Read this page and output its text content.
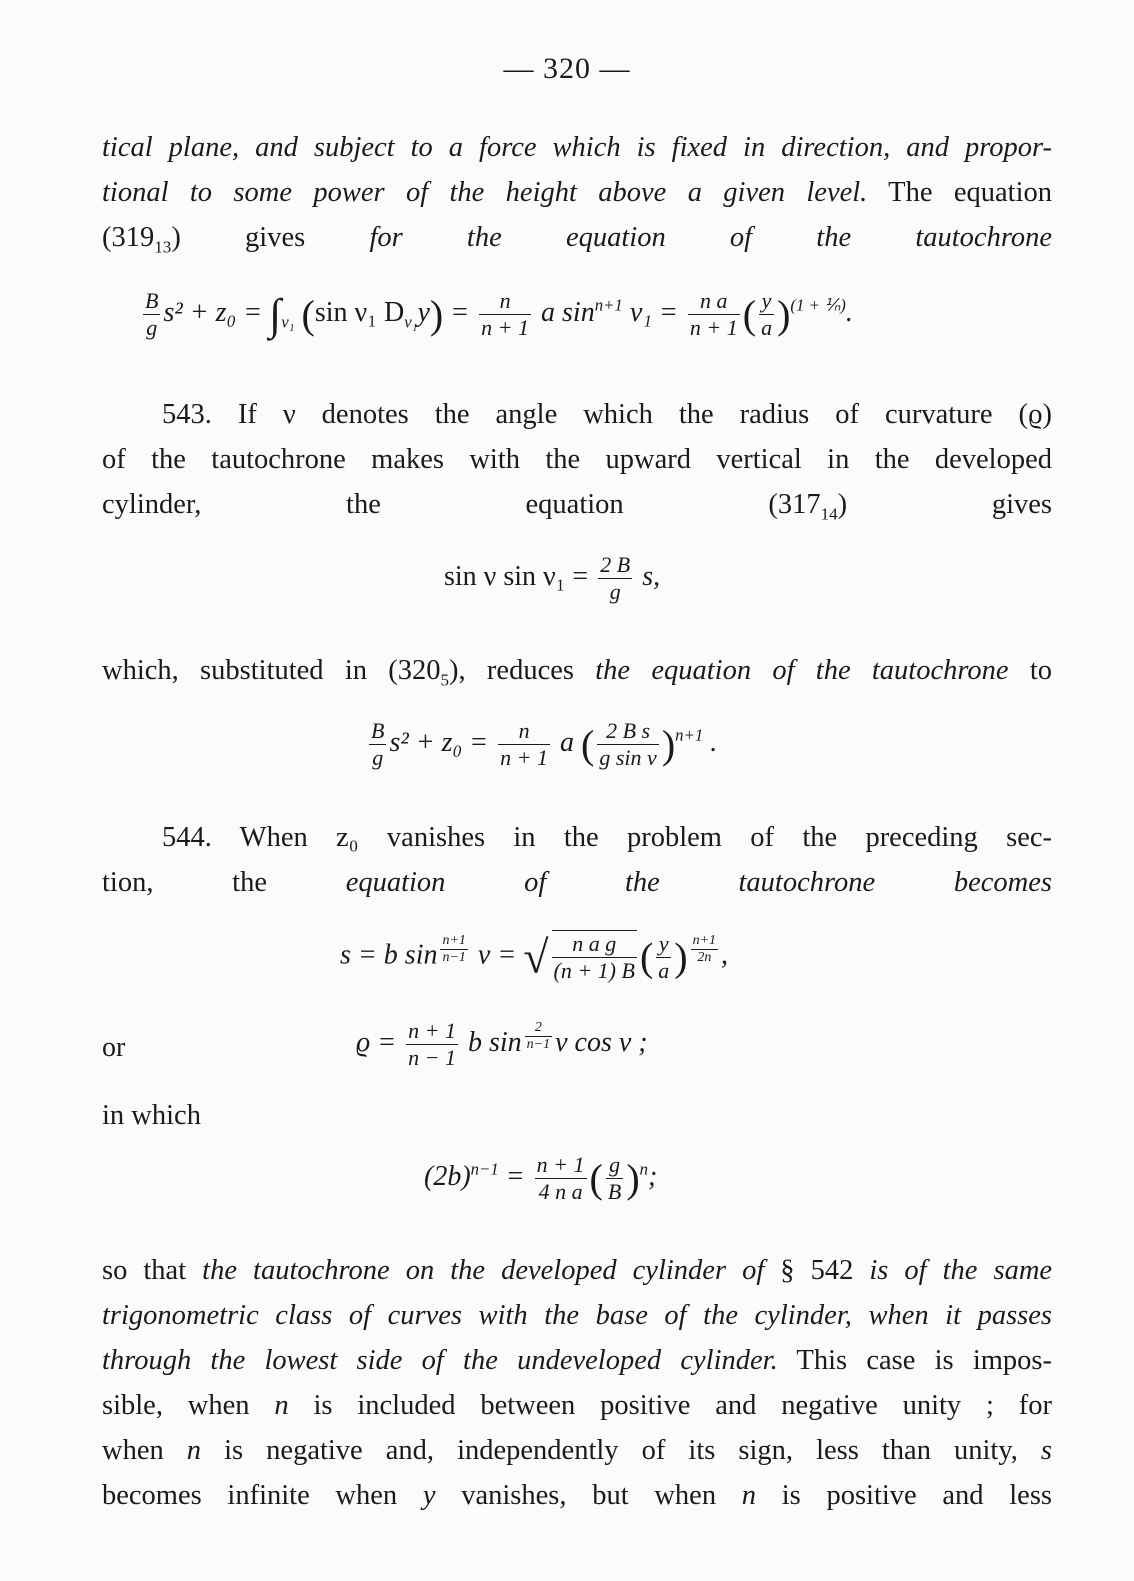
— 320 —
tical plane, and subject to a force which is fixed in direction, and propor-
tional to some power of the height above a given level. The equation
$(319_{13})$ gives for the equation of the tautochrone
$\frac{B}{g} s^2 + z_0 = \int_{\nu_1}$ (sin ν₁ $D_{\nu_1}y) = \frac{n}{n + 1}$ a $\sin^{n+1} \nu_1 = \frac{\text{n a}}{n + 1}$ ( $\frac{y}{a} )^{(1 + ⅟_n)}$.
543. If ν denotes the angle which the radius of curvature (ϱ)
of the tautochrone makes with the upward vertical in the developed
cylinder, the equation $(317_{14})$ gives
sin ν $\sin \nu_1 = \frac{2 B}{g} s$,
which, substituted in $(320_5)$, reduces the equation of the tautochrone to
$\frac{B}{g} s^2 + z_0 = \frac{n}{n + 1}$ a ( $\frac{\text{2 B s}}{\text{g sin ν}} )^{n+1}$ .
544. When z₀ vanishes in the problem of the preceding sec-
tion, the	equation of the tautochrone becomes
s = b sin $^{\frac{n+1}{n-1}}$ ν = √ $\frac{\text{n a g}}{(n + 1) B}$ ( $\frac{y}{a}$ ) $^{\frac{n+1}{2n}}$ ,
or	$ϱ = \frac{n + 1}{n - 1}$ b sin $^{\frac{2}{n-1}}$ ν cos ν ;
in which
$(2b)^{n-1} = \frac{n + 1}{\text{4 n a}}$ ( $\frac{g}{B} )^n$;
so that the tautochrone on the developed cylinder of § 542 is of the same
trigonometric class of curves with the base of the cylinder, when it passes
through the lowest side of the undeveloped cylinder. This case is impos-
sible, when n is included between positive and negative unity ; for
when n is negative and, independently of its sign, less than unity, s
becomes infinite when y vanishes, but when n is positive and less
